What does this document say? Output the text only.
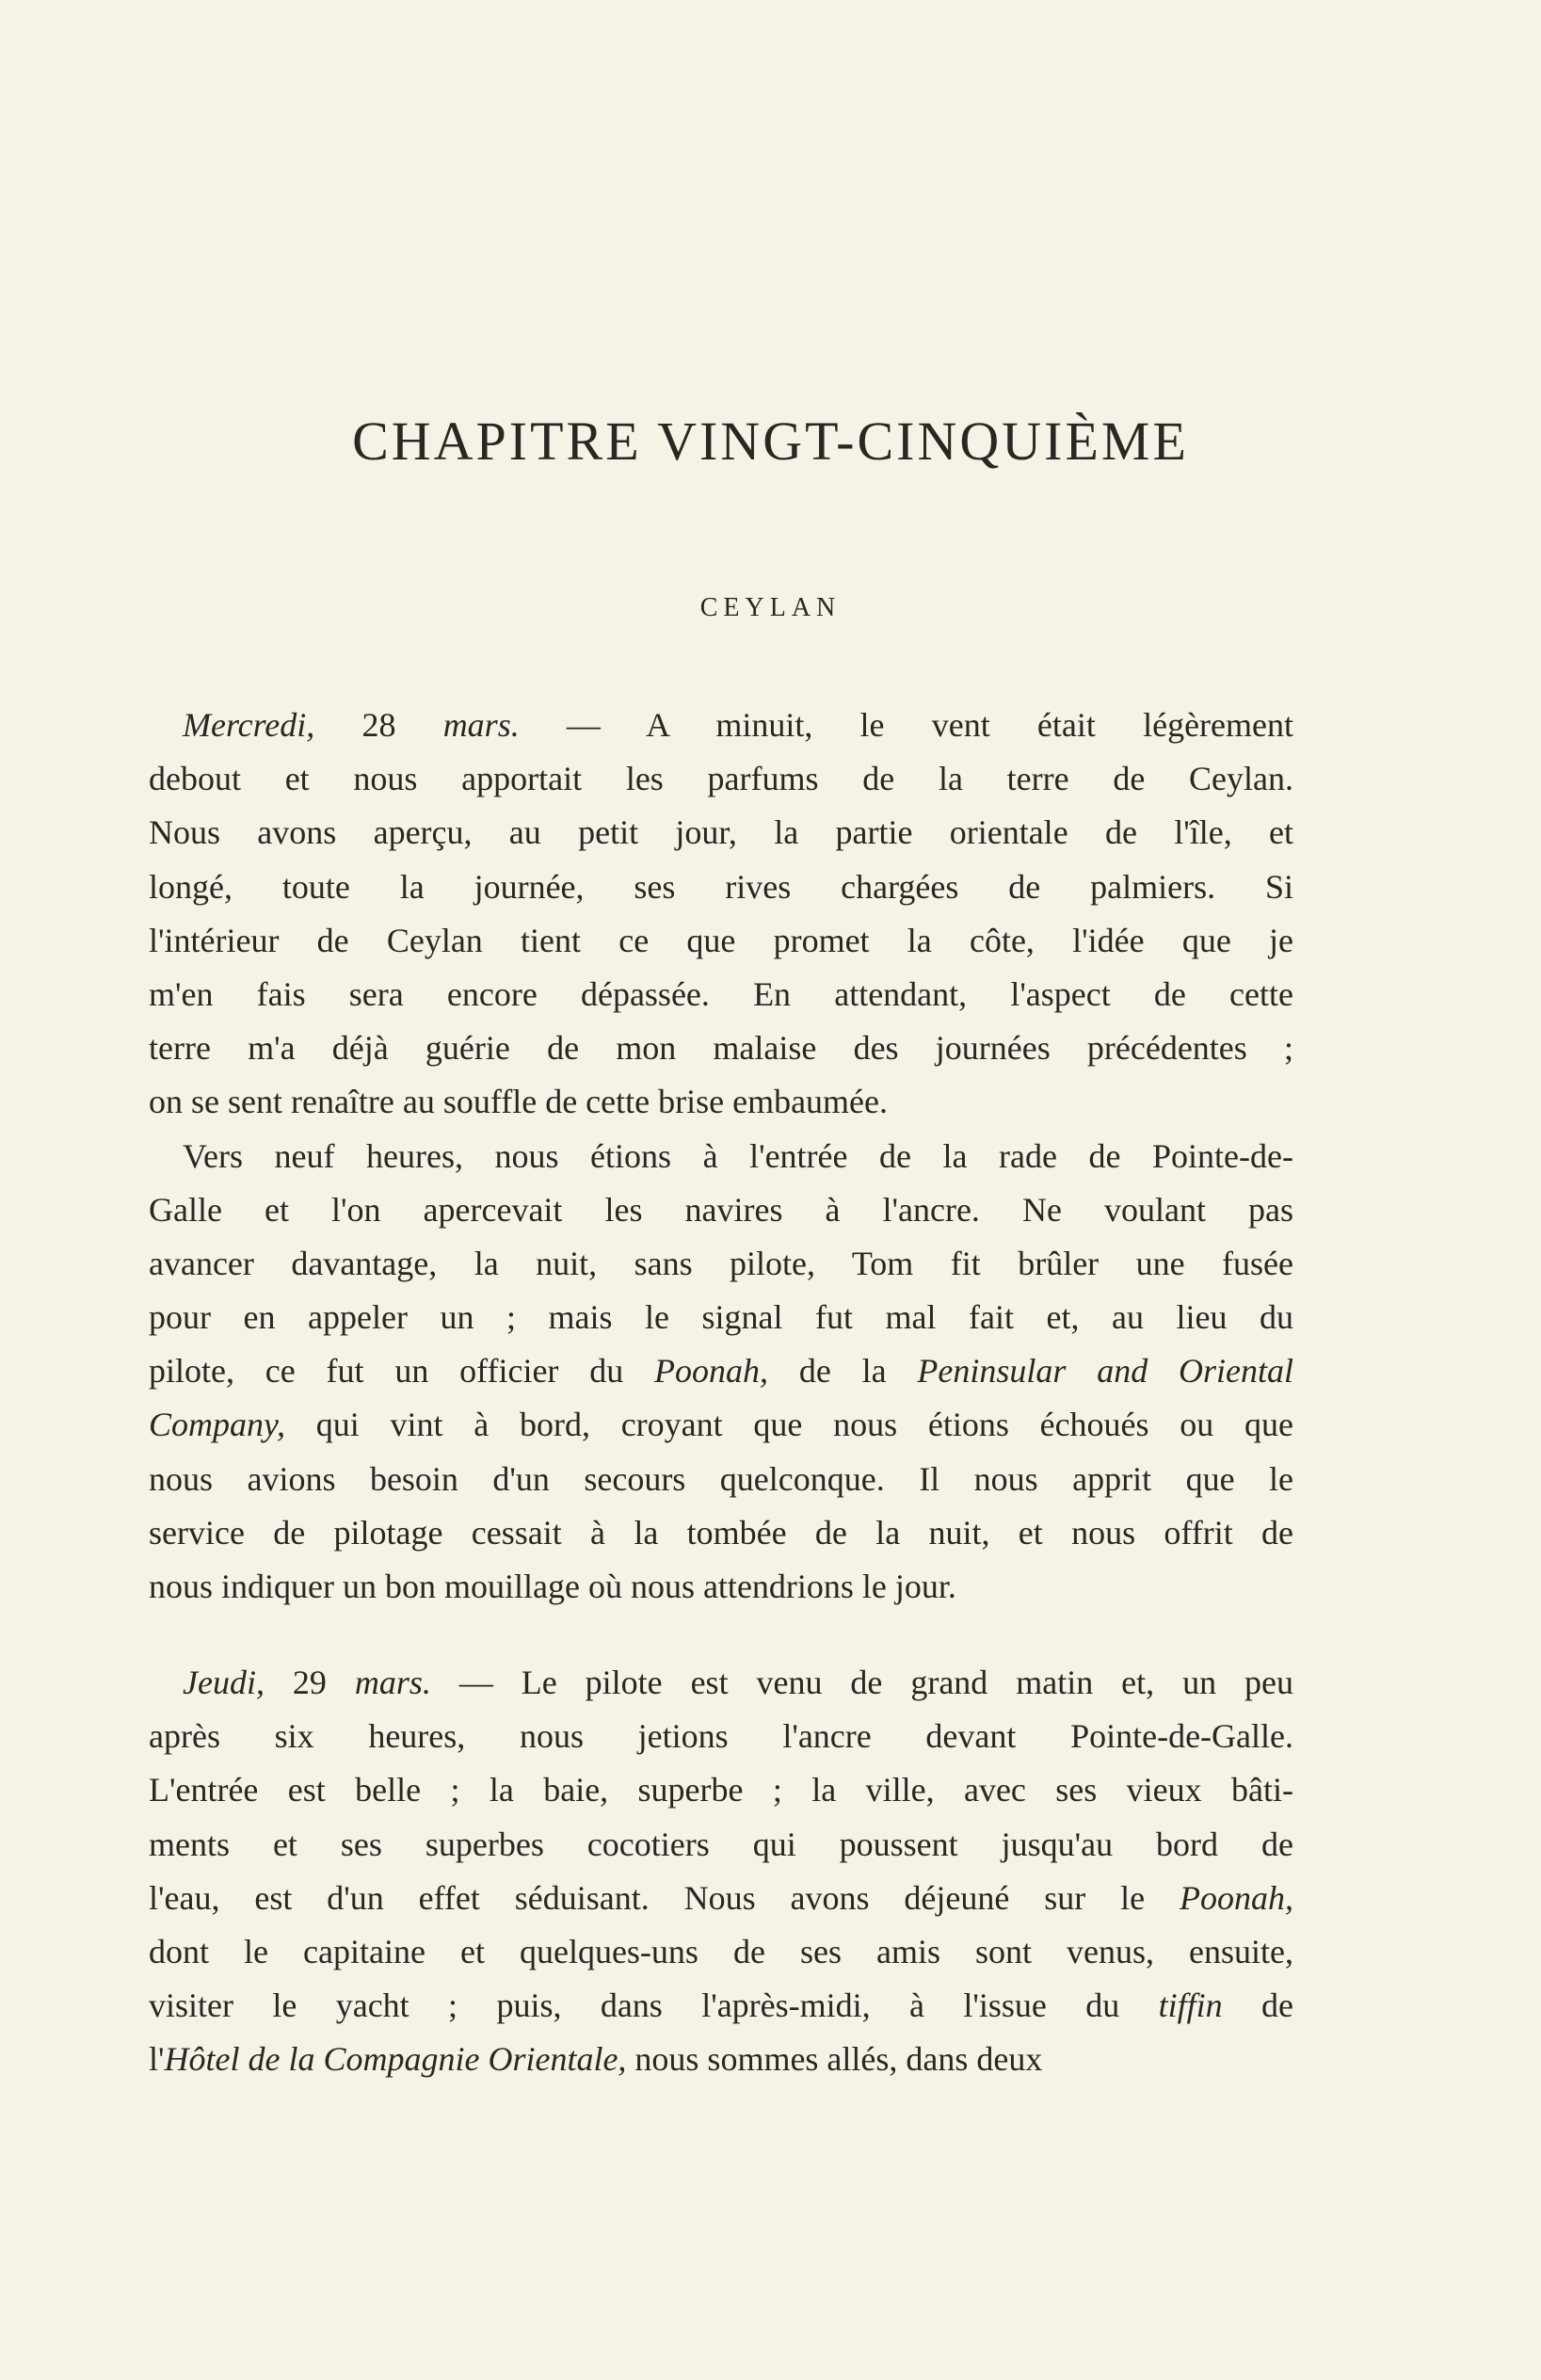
CHAPITRE VINGT-CINQUIÈME
CEYLAN
Mercredi, 28 mars. — A minuit, le vent était légèrement
debout et nous apportait les parfums de la terre de Ceylan.
Nous avons aperçu, au petit jour, la partie orientale de l'île, et
longé, toute la journée, ses rives chargées de palmiers. Si
l'intérieur de Ceylan tient ce que promet la côte, l'idée que je
m'en fais sera encore dépassée. En attendant, l'aspect de cette
terre m'a déjà guérie de mon malaise des journées précédentes ;
on se sent renaître au souffle de cette brise embaumée.
Vers neuf heures, nous étions à l'entrée de la rade de Pointe-de-
Galle et l'on apercevait les navires à l'ancre. Ne voulant pas
avancer davantage, la nuit, sans pilote, Tom fit brûler une fusée
pour en appeler un ; mais le signal fut mal fait et, au lieu du
pilote, ce fut un officier du Poonah, de la Peninsular and Oriental
Company, qui vint à bord, croyant que nous étions échoués ou que
nous avions besoin d'un secours quelconque. Il nous apprit que le
service de pilotage cessait à la tombée de la nuit, et nous offrit de
nous indiquer un bon mouillage où nous attendrions le jour.
Jeudi, 29 mars. — Le pilote est venu de grand matin et, un peu
après six heures, nous jetions l'ancre devant Pointe-de-Galle.
L'entrée est belle ; la baie, superbe ; la ville, avec ses vieux bâti-
ments et ses superbes cocotiers qui poussent jusqu'au bord de
l'eau, est d'un effet séduisant. Nous avons déjeuné sur le Poonah,
dont le capitaine et quelques-uns de ses amis sont venus, ensuite,
visiter le yacht ; puis, dans l'après-midi, à l'issue du tiffin de
l'Hôtel de la Compagnie Orientale, nous sommes allés, dans deux
